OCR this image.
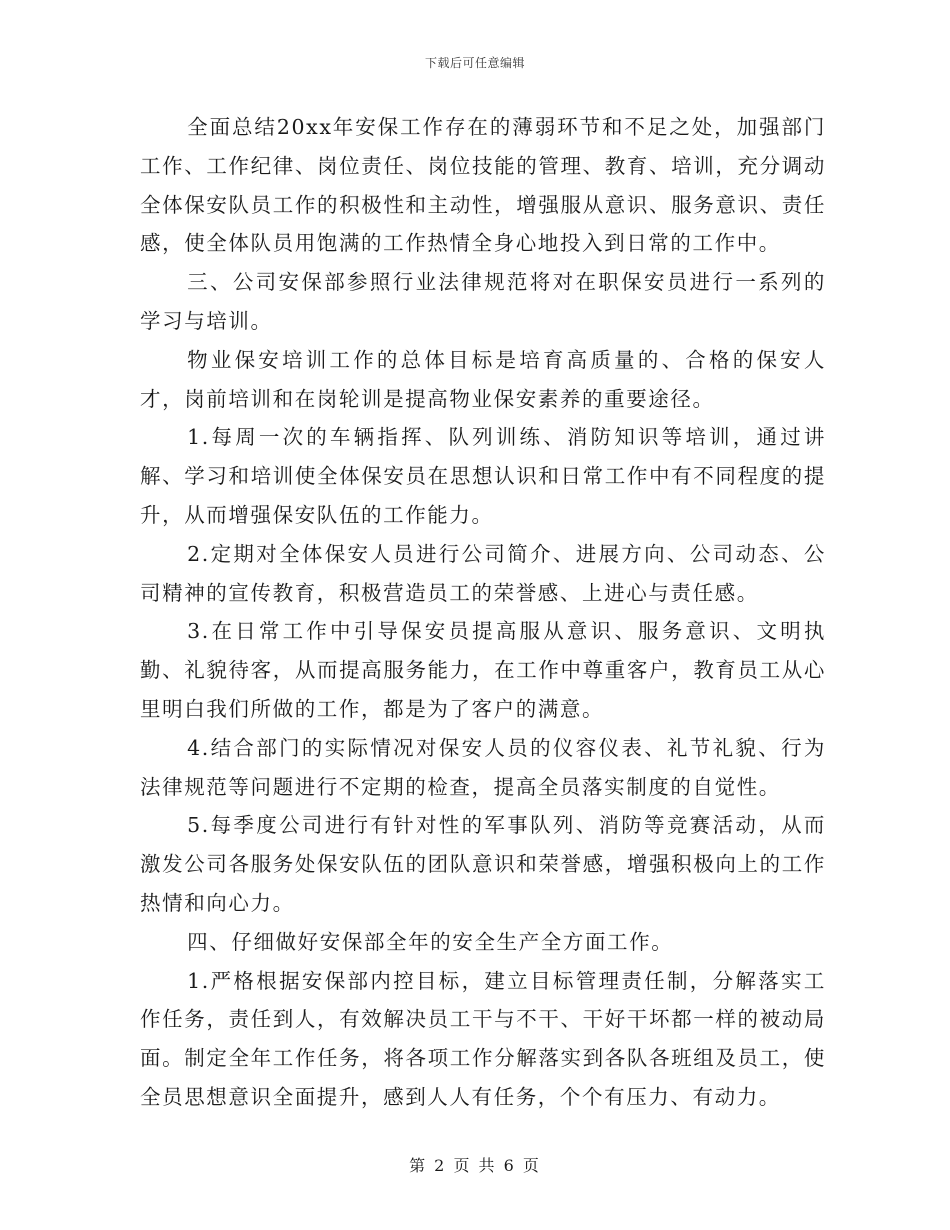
下载后可任意编辑

全面总结20xx年安保工作存在的薄弱环节和不足之处，加强部门工作、工作纪律、岗位责任、岗位技能的管理、教育、培训，充分调动全体保安队员工作的积极性和主动性，增强服从意识、服务意识、责任感，使全体队员用饱满的工作热情全身心地投入到日常的工作中。

三、公司安保部参照行业法律规范将对在职保安员进行一系列的学习与培训。

物业保安培训工作的总体目标是培育高质量的、合格的保安人才，岗前培训和在岗轮训是提高物业保安素养的重要途径。

1.每周一次的车辆指挥、队列训练、消防知识等培训，通过讲解、学习和培训使全体保安员在思想认识和日常工作中有不同程度的提升，从而增强保安队伍的工作能力。

2.定期对全体保安人员进行公司简介、进展方向、公司动态、公司精神的宣传教育，积极营造员工的荣誉感、上进心与责任感。

3.在日常工作中引导保安员提高服从意识、服务意识、文明执勤、礼貌待客，从而提高服务能力，在工作中尊重客户，教育员工从心里明白我们所做的工作，都是为了客户的满意。

4.结合部门的实际情况对保安人员的仪容仪表、礼节礼貌、行为法律规范等问题进行不定期的检查，提高全员落实制度的自觉性。

5.每季度公司进行有针对性的军事队列、消防等竞赛活动，从而激发公司各服务处保安队伍的团队意识和荣誉感，增强积极向上的工作热情和向心力。

四、仔细做好安保部全年的安全生产全方面工作。

1.严格根据安保部内控目标，建立目标管理责任制，分解落实工作任务，责任到人，有效解决员工干与不干、干好干坏都一样的被动局面。制定全年工作任务，将各项工作分解落实到各队各班组及员工，使全员思想意识全面提升，感到人人有任务，个个有压力、有动力。

第 2 页 共 6 页
